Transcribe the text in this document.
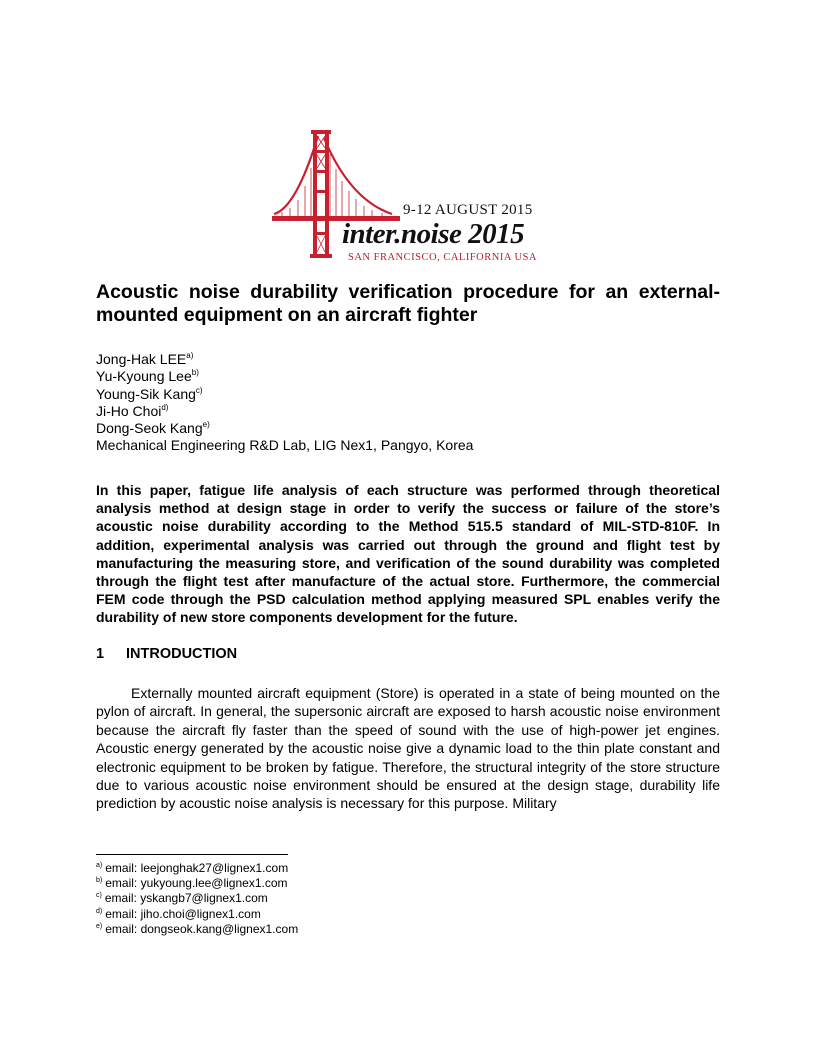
9-12 AUGUST 2015
inter.noise 2015
SAN FRANCISCO, CALIFORNIA USA
Acoustic noise durability verification procedure for an external-mounted equipment on an aircraft fighter
Jong-Hak LEE$^{a)}$
Yu-Kyoung Lee$^{b)}$
Young-Sik Kang$^{c)}$
Ji-Ho Choi$^{d)}$
Dong-Seok Kang$^{e)}$
Mechanical Engineering R&D Lab, LIG Nex1, Pangyo, Korea

In this paper, fatigue life analysis of each structure was performed through theoretical analysis method at design stage in order to verify the success or failure of the store’s acoustic noise durability according to the Method 515.5 standard of MIL-STD-810F. In addition, experimental analysis was carried out through the ground and flight test by manufacturing the measuring store, and verification of the sound durability was completed through the flight test after manufacture of the actual store. Furthermore, the commercial FEM code through the PSD calculation method applying measured SPL enables verify the durability of new store components development for the future.

1 INTRODUCTION

Externally mounted aircraft equipment (Store) is operated in a state of being mounted on the pylon of aircraft. In general, the supersonic aircraft are exposed to harsh acoustic noise environment because the aircraft fly faster than the speed of sound with the use of high-power jet engines. Acoustic energy generated by the acoustic noise give a dynamic load to the thin plate constant and electronic equipment to be broken by fatigue. Therefore, the structural integrity of the store structure due to various acoustic noise environment should be ensured at the design stage, durability life prediction by acoustic noise analysis is necessary for this purpose. Military

$^{a)}$ email: leejonghak27@lignex1.com
$^{b)}$ email: yukyoung.lee@lignex1.com
$^{c)}$ email: yskangb7@lignex1.com
$^{d)}$ email: jiho.choi@lignex1.com
$^{e)}$ email: dongseok.kang@lignex1.com
